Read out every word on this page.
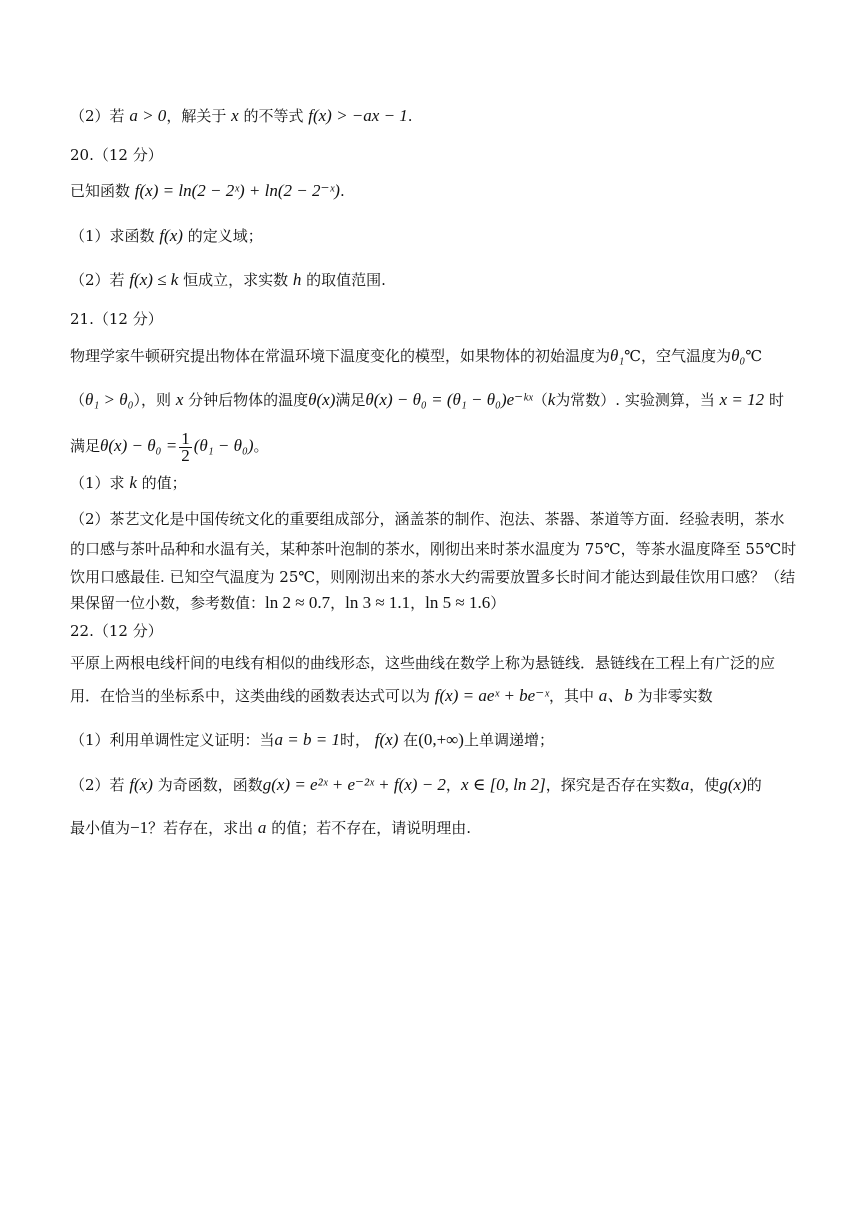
（2）若 a > 0，解关于 x 的不等式 f(x) > −ax − 1.
20.（12 分）
已知函数 f(x) = ln(2 − 2ˣ) + ln(2 − 2⁻ˣ).
（1）求函数 f(x) 的定义域；
（2）若 f(x) ≤ k 恒成立，求实数 h 的取值范围.
21.（12 分）
物理学家牛顿研究提出物体在常温环境下温度变化的模型，如果物体的初始温度为θ₁℃，空气温度为θ₀℃
（θ₁ > θ₀），则 x 分钟后物体的温度θ(x)满足θ(x) − θ₀ = (θ₁ − θ₀)e⁻ᵏˣ（k为常数）. 实验测算，当 x = 12 时
满足$\theta(x) - \theta_0 = \frac{1}{2} (\theta_1 - \theta_0)$。
（1）求 k 的值；
（2）茶艺文化是中国传统文化的重要组成部分，涵盖茶的制作、泡法、茶器、茶道等方面．经验表明，茶水
的口感与茶叶品种和水温有关，某种茶叶泡制的茶水，刚彻出来时茶水温度为 75℃，等茶水温度降至 55℃时
饮用口感最佳. 已知空气温度为 25℃，则刚沏出来的茶水大约需要放置多长时间才能达到最佳饮用口感？（结
果保留一位小数，参考数值：ln 2 ≈ 0.7，ln 3 ≈ 1.1，ln 5 ≈ 1.6）
22.（12 分）
平原上两根电线杆间的电线有相似的曲线形态，这些曲线在数学上称为悬链线．悬链线在工程上有广泛的应
用．在恰当的坐标系中，这类曲线的函数表达式可以为 f(x) = aeˣ + be⁻ˣ，其中 a、b 为非零实数
（1）利用单调性定义证明：当a = b = 1时， f(x) 在(0,+∞)上单调递增；
（2）若 f(x) 为奇函数，函数g(x) = e²ˣ + e⁻²ˣ + f(x) − 2，x ∈ [0, ln 2]，探究是否存在实数a，使g(x)的
最小值为−1？若存在，求出 a 的值；若不存在，请说明理由.
